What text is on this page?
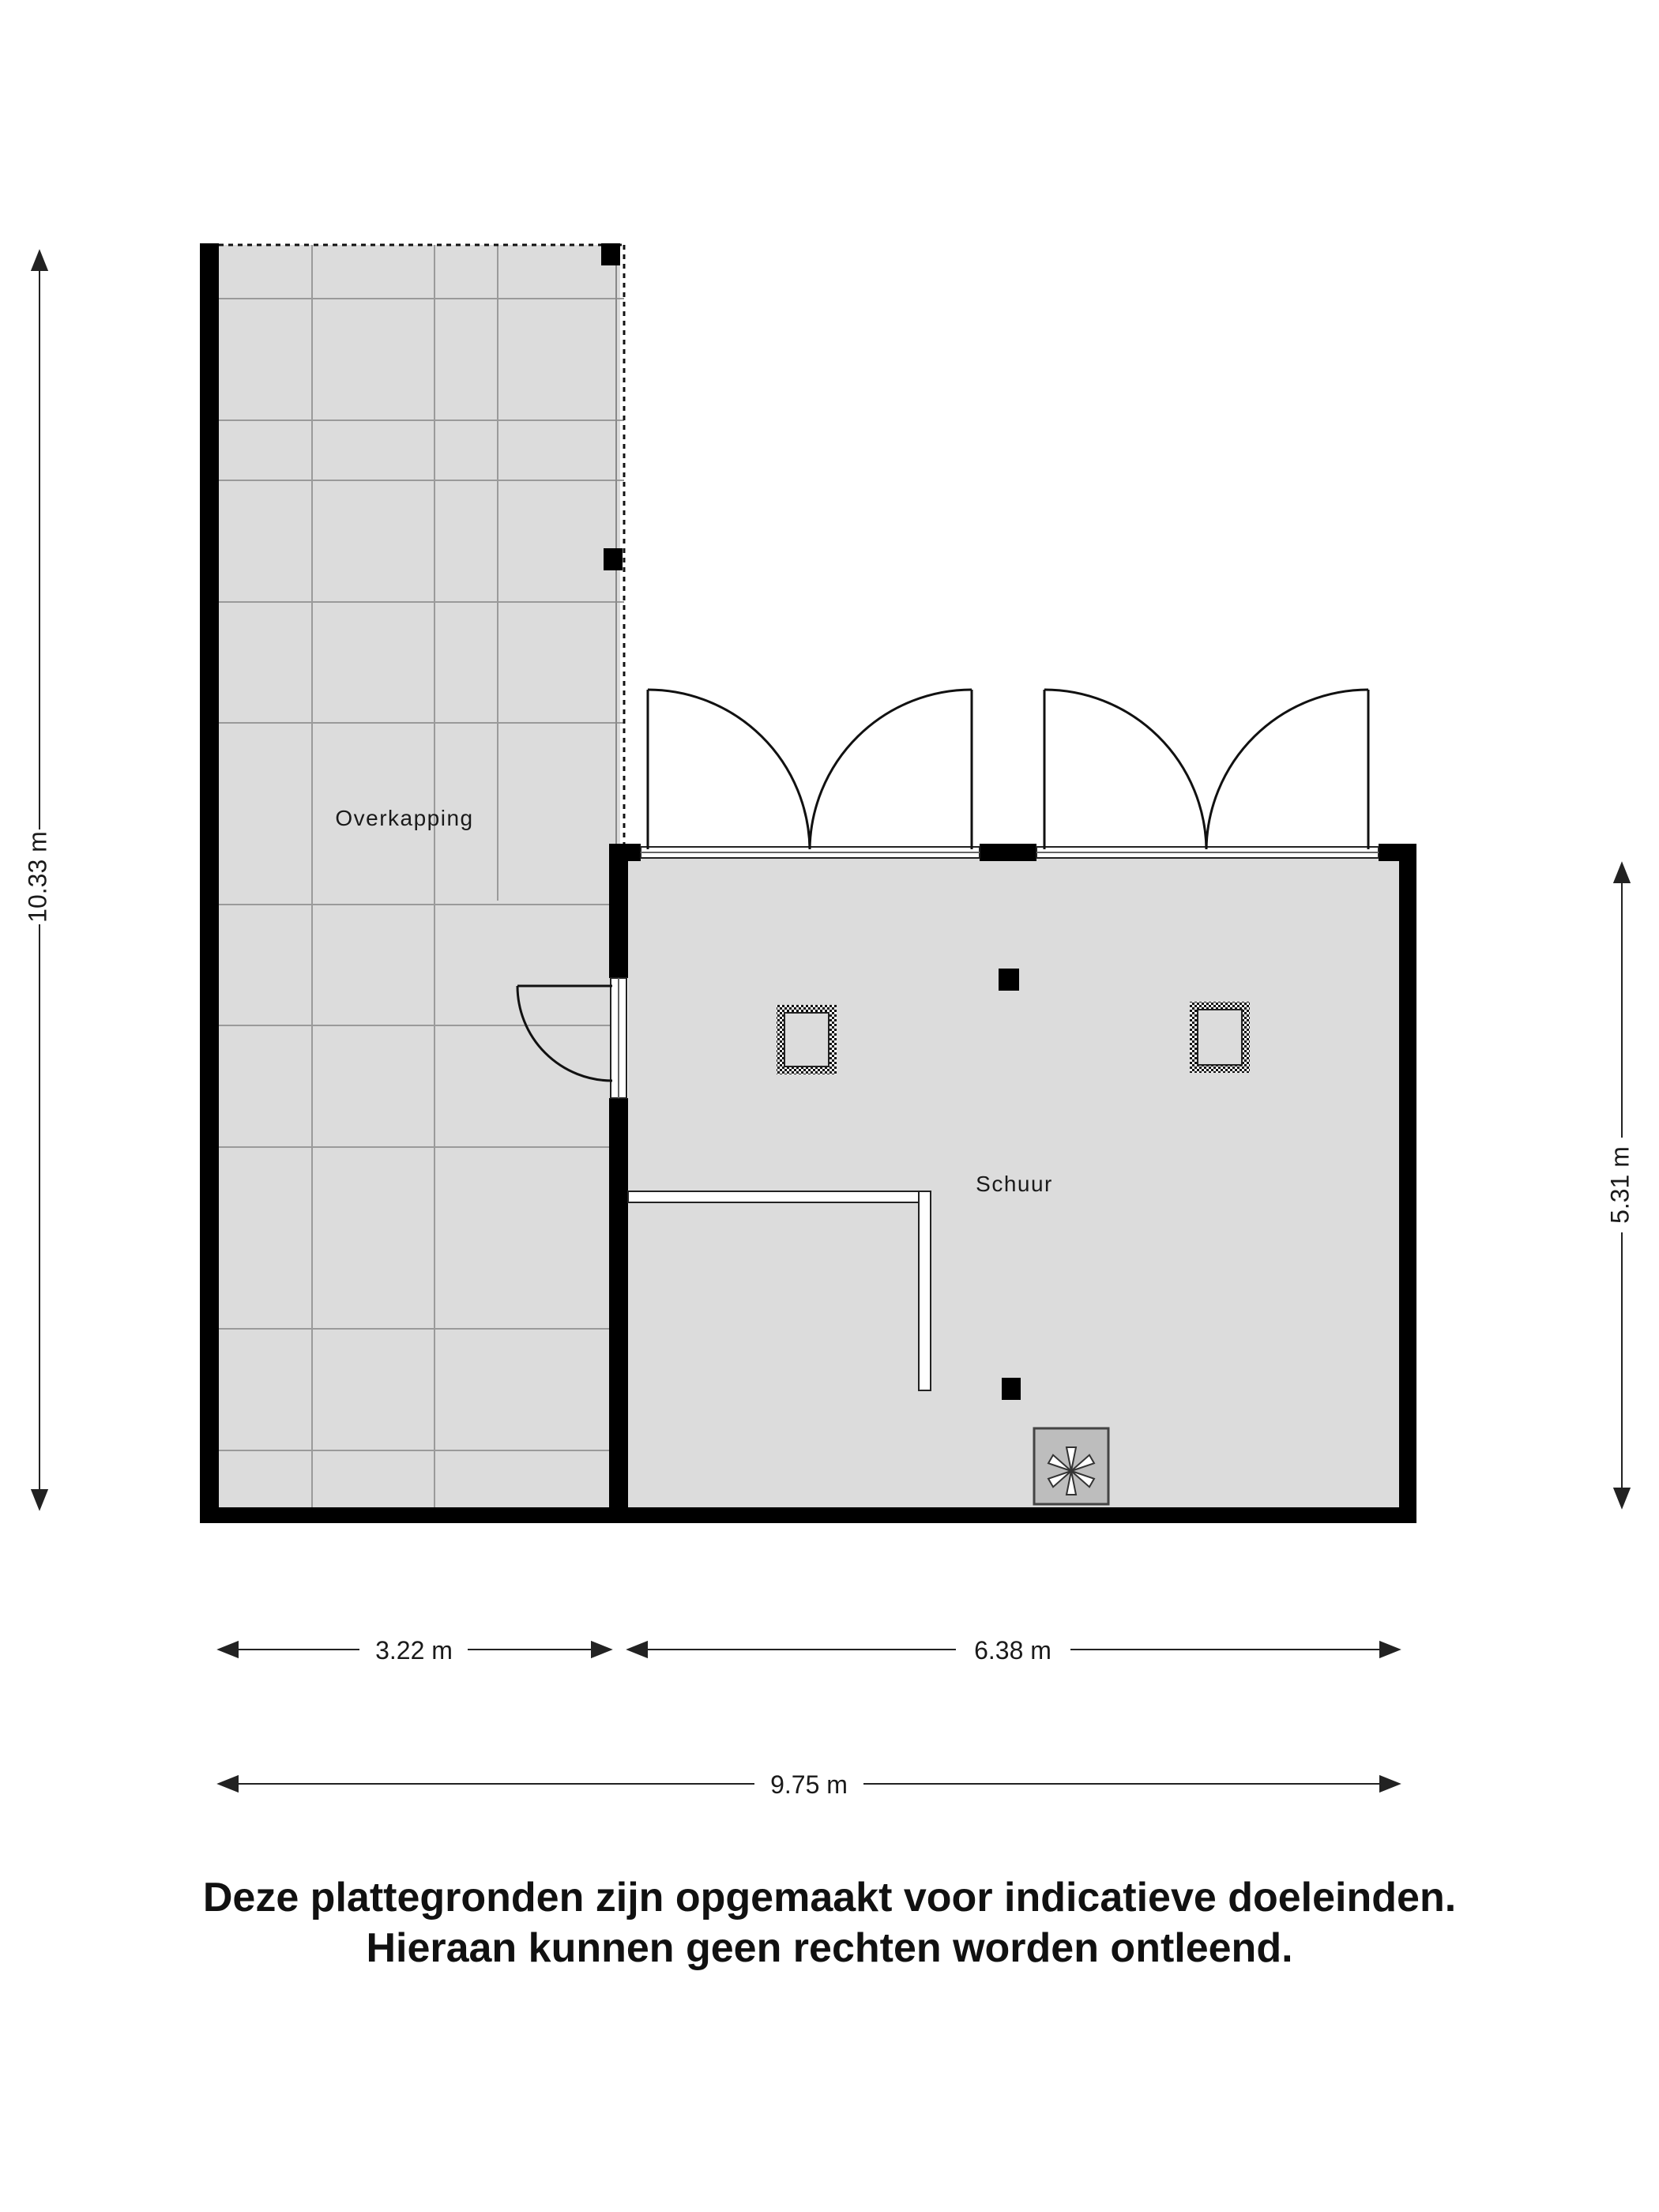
Overkapping
Schuur
10.33 m
5.31 m
3.22 m	6.38 m
9.75 m
Deze plattegronden zijn opgemaakt voor indicatieve doeleinden.
Hieraan kunnen geen rechten worden ontleend.
